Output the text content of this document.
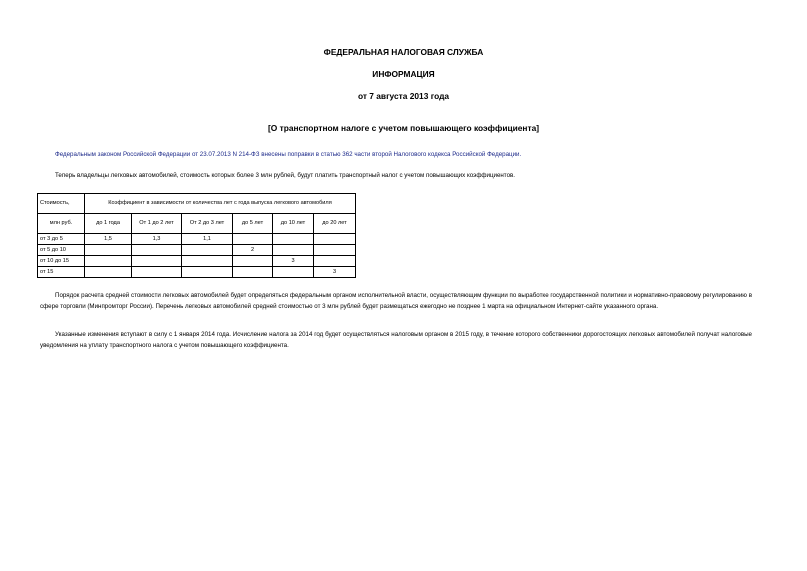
ФЕДЕРАЛЬНАЯ НАЛОГОВАЯ СЛУЖБА
ИНФОРМАЦИЯ
от 7 августа 2013 года
[О транспортном налоге с учетом повышающего коэффициента]
Федеральным законом Российской Федерации от 23.07.2013 N 214-ФЗ внесены поправки в статью 362 части второй Налогового кодекса Российской Федерации.
Теперь владельцы легковых автомобилей, стоимость которых более 3 млн рублей, будут платить транспортный налог с учетом повышающих коэффициентов.
Стоимость,	Коэффициент в зависимости от количества лет с года выпуска легкового автомобиля					
млн руб.	до 1 года	От 1 до 2 лет	От 2 до 3 лет	до 5 лет	до 10 лет	до 20 лет
от 3 до 5	1,5	1,3	1,1			
от 5 до 10				2		
от 10 до 15					3	
от 15						3
Порядок расчета средней стоимости легковых автомобилей будет определяться федеральным органом исполнительной власти, осуществляющим функции по выработке государственной политики и нормативно-правовому регулированию в сфере торговли (Минпромторг России). Перечень легковых автомобилей средней стоимостью от 3 млн рублей будет размещаться ежегодно не позднее 1 марта на официальном Интернет-сайте указанного органа.
Указанные изменения вступают в силу с 1 января 2014 года. Исчисление налога за 2014 год будет осуществляться налоговым органом в 2015 году, в течение которого собственники дорогостоящих легковых автомобилей получат налоговые уведомления на уплату транспортного налога с учетом повышающего коэффициента.
